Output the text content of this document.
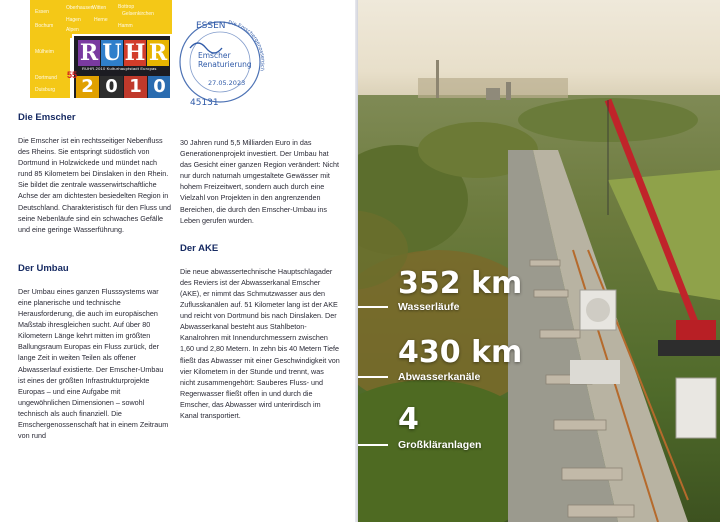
Essen
Bochum
Mülheim
Dortmund
Duisburg
Oberhausen
Witten
Gelsenkirchen
Hagen
Bottrop
Herne
Alpen
Hamm
R U H R
RUHR.2010 Kulturhauptstadt Europas
2 0 1 0
55
ESSEN Die Emschergenossensch
Emscher
Renaturierung
27.05.2023
45131
Die Emscher
Die Emscher ist ein rechtsseitiger Nebenfluss des Rheins. Sie entspringt südöstlich von Dortmund in Holzwickede und mündet nach rund 85 Kilometern bei Dinslaken in den Rhein. Sie bildet die zentrale wasserwirtschaftliche Achse der am dichtesten besiedelten Region in Deutschland. Charakteristisch für den Fluss und seine Nebenläufe sind ein schwaches Gefälle und eine geringe Wasserführung.
Der Umbau
Der Umbau eines ganzen Flusssystems war eine planerische und technische Herausforderung, die auch im europäischen Maßstab ihresgleichen sucht. Auf über 80 Kilometern Länge kehrt mitten im größten Ballungsraum Europas ein Fluss zurück, der lange Zeit in weiten Teilen als offener Abwasserlauf existierte. Der Emscher-Umbau ist eines der größten Infrastrukturprojekte Europas – und eine Aufgabe mit ungewöhnlichen Dimensionen – sowohl technisch als auch finanziell. Die Emschergenossenschaft hat in einem Zeitraum von rund
30 Jahren rund 5,5 Milliarden Euro in das Generationenprojekt investiert. Der Umbau hat das Gesicht einer ganzen Region verändert: Nicht nur durch naturnah umgestaltete Gewässer mit hohem Freizeitwert, sondern auch durch eine Vielzahl von Projekten in den angrenzenden Bereichen, die durch den Emscher-Umbau ins Leben gerufen wurden.
Der AKE
Die neue abwassertechnische Hauptschlagader des Reviers ist der Abwasserkanal Emscher (AKE), er nimmt das Schmutzwasser aus den Zuflusskanälen auf. 51 Kilometer lang ist der AKE und reicht von Dortmund bis nach Dinslaken. Der Abwasserkanal besteht aus Stahlbeton-Kanalrohren mit Innendurchmessern zwischen 1,60 und 2,80 Metern. In zehn bis 40 Metern Tiefe fließt das Abwasser mit einer Geschwindigkeit von vier Kilometern in der Stunde und trennt, was nicht zusammengehört: Sauberes Fluss- und Regenwasser fließt offen in und durch die Emscher, das Abwasser wird unterirdisch im Kanal transportiert.
352 km
Wasserläufe
430 km
Abwasserkanäle
4
Großkläranlagen
